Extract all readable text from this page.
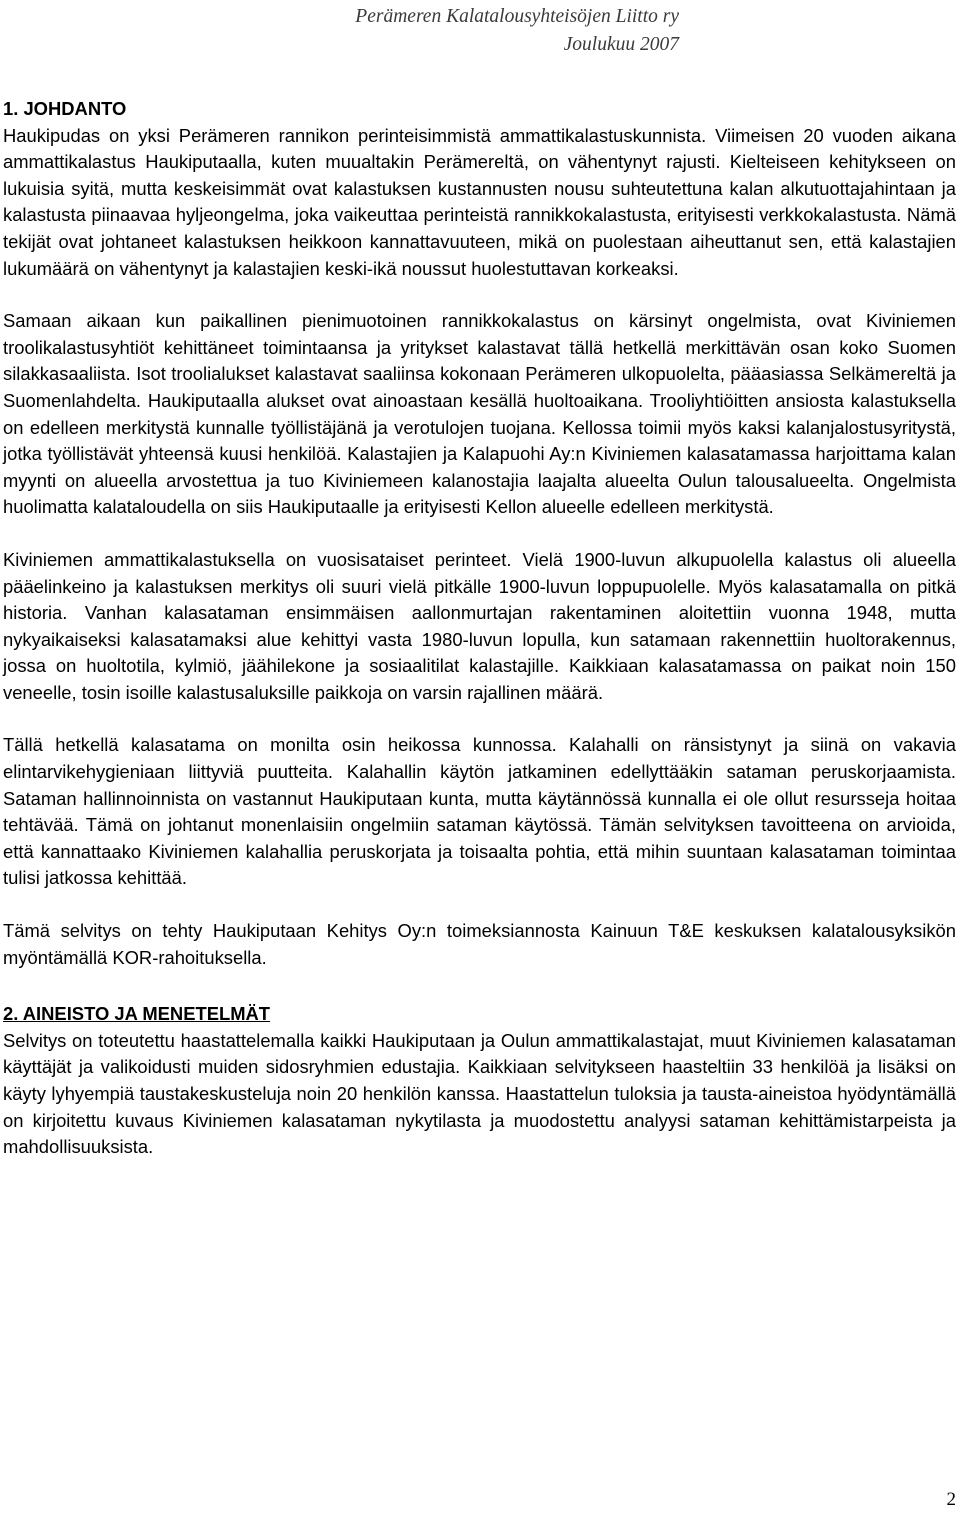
Perämeren Kalatalousyhteisöjen Liitto ry
Joulukuu 2007

1. JOHDANTO

Haukipudas on yksi Perämeren rannikon perinteisimmistä ammattikalastuskunnista. Viimeisen 20 vuoden aikana ammattikalastus Haukiputaalla, kuten muualtakin Perämereltä, on vähentynyt rajusti. Kielteiseen kehitykseen on lukuisia syitä, mutta keskeisimmät ovat kalastuksen kustannusten nousu suhteutettuna kalan alkutuottajahintaan ja kalastusta piinaavaa hyljeongelma, joka vaikeuttaa perinteistä rannikkokalastusta, erityisesti verkkokalastusta. Nämä tekijät ovat johtaneet kalastuksen heikkoon kannattavuuteen, mikä on puolestaan aiheuttanut sen, että kalastajien lukumäärä on vähentynyt ja kalastajien keski-ikä noussut huolestuttavan korkeaksi.

Samaan aikaan kun paikallinen pienimuotoinen rannikkokalastus on kärsinyt ongelmista, ovat Kiviniemen troolikalastusyhtiöt kehittäneet toimintaansa ja yritykset kalastavat tällä hetkellä merkittävän osan koko Suomen silakkasaaliista. Isot troolialukset kalastavat saaliinsa kokonaan Perämeren ulkopuolelta, pääasiassa Selkämereltä ja Suomenlahdelta. Haukiputaalla alukset ovat ainoastaan kesällä huoltoaikana. Trooliyhtiöitten ansiosta kalastuksella on edelleen merkitystä kunnalle työllistäjänä ja verotulojen tuojana. Kellossa toimii myös kaksi kalanjalostusyritystä, jotka työllistävät yhteensä kuusi henkilöä. Kalastajien ja Kalapuohi Ay:n Kiviniemen kalasatamassa harjoittama kalan myynti on alueella arvostettua ja tuo Kiviniemeen kalanostajia laajalta alueelta Oulun talousalueelta. Ongelmista huolimatta kalataloudella on siis Haukiputaalle ja erityisesti Kellon alueelle edelleen merkitystä.

Kiviniemen ammattikalastuksella on vuosisataiset perinteet. Vielä 1900-luvun alkupuolella kalastus oli alueella pääelinkeino ja kalastuksen merkitys oli suuri vielä pitkälle 1900-luvun loppupuolelle. Myös kalasatamalla on pitkä historia. Vanhan kalasataman ensimmäisen aallonmurtajan rakentaminen aloitettiin vuonna 1948, mutta nykyaikaiseksi kalasatamaksi alue kehittyi vasta 1980-luvun lopulla, kun satamaan rakennettiin huoltorakennus, jossa on huoltotila, kylmiö, jäähilekone ja sosiaalitilat kalastajille. Kaikkiaan kalasatamassa on paikat noin 150 veneelle, tosin isoille kalastusaluksille paikkoja on varsin rajallinen määrä.

Tällä hetkellä kalasatama on monilta osin heikossa kunnossa. Kalahalli on ränsistynyt ja siinä on vakavia elintarvikehygieniaan liittyviä puutteita. Kalahallin käytön jatkaminen edellyttääkin sataman peruskorjaamista. Sataman hallinnoinnista on vastannut Haukiputaan kunta, mutta käytännössä kunnalla ei ole ollut resursseja hoitaa tehtävää. Tämä on johtanut monenlaisiin ongelmiin sataman käytössä. Tämän selvityksen tavoitteena on arvioida, että kannattaako Kiviniemen kalahallia peruskorjata ja toisaalta pohtia, että mihin suuntaan kalasataman toimintaa tulisi jatkossa kehittää.

Tämä selvitys on tehty Haukiputaan Kehitys Oy:n toimeksiannosta Kainuun T&E keskuksen kalatalousyksikön myöntämällä KOR-rahoituksella.

2. AINEISTO JA MENETELMÄT

Selvitys on toteutettu haastattelemalla kaikki Haukiputaan ja Oulun ammattikalastajat, muut Kiviniemen kalasataman käyttäjät ja valikoidusti muiden sidosryhmien edustajia. Kaikkiaan selvitykseen haasteltiin 33 henkilöä ja lisäksi on käyty lyhyempiä taustakeskusteluja noin 20 henkilön kanssa. Haastattelun tuloksia ja tausta-aineistoa hyödyntämällä on kirjoitettu kuvaus Kiviniemen kalasataman nykytilasta ja muodostettu analyysi sataman kehittämistarpeista ja mahdollisuuksista.

2
